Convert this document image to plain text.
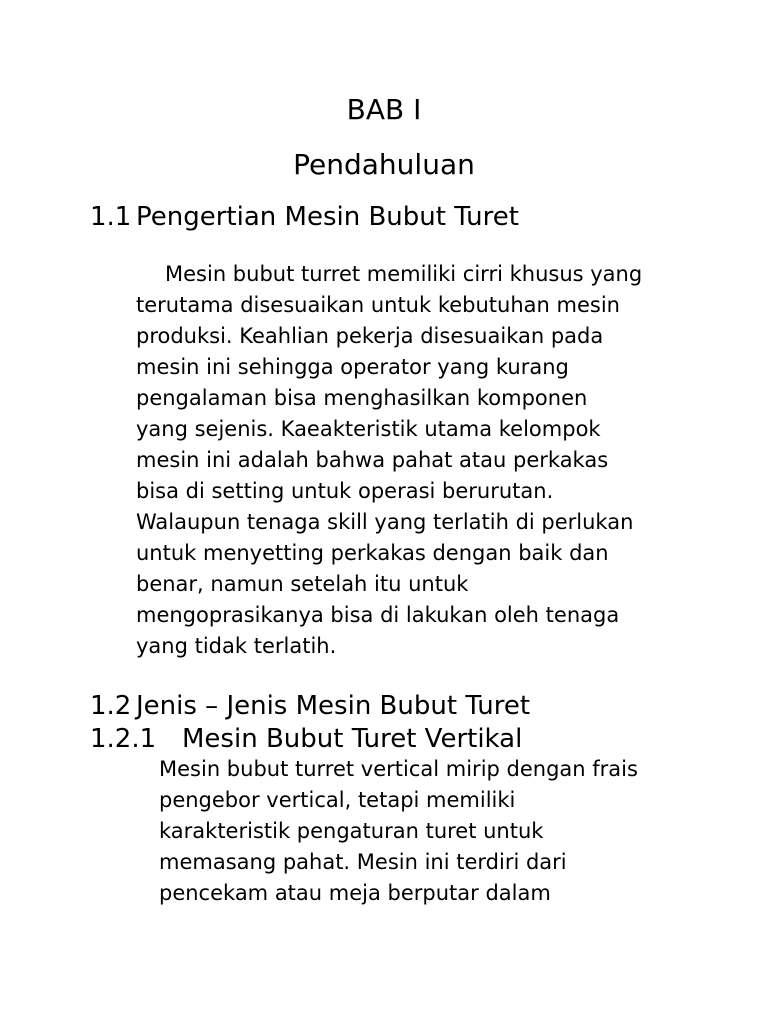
BAB I
Pendahuluan
1.1 Pengertian Mesin Bubut Turet
Mesin bubut turret memiliki cirri khusus yang
terutama disesuaikan untuk kebutuhan mesin
produksi. Keahlian pekerja disesuaikan pada
mesin ini sehingga operator yang kurang
pengalaman bisa menghasilkan komponen
yang sejenis. Kaeakteristik utama kelompok
mesin ini adalah bahwa pahat atau perkakas
bisa di setting untuk operasi berurutan.
Walaupun tenaga skill yang terlatih di perlukan
untuk menyetting perkakas dengan baik dan
benar, namun setelah itu untuk
mengoprasikanya bisa di lakukan oleh tenaga
yang tidak terlatih.
1.2 Jenis – Jenis Mesin Bubut Turet
1.2.1 Mesin Bubut Turet Vertikal
Mesin bubut turret vertical mirip dengan frais
pengebor vertical, tetapi memiliki
karakteristik pengaturan turet untuk
memasang pahat. Mesin ini terdiri dari
pencekam atau meja berputar dalam
